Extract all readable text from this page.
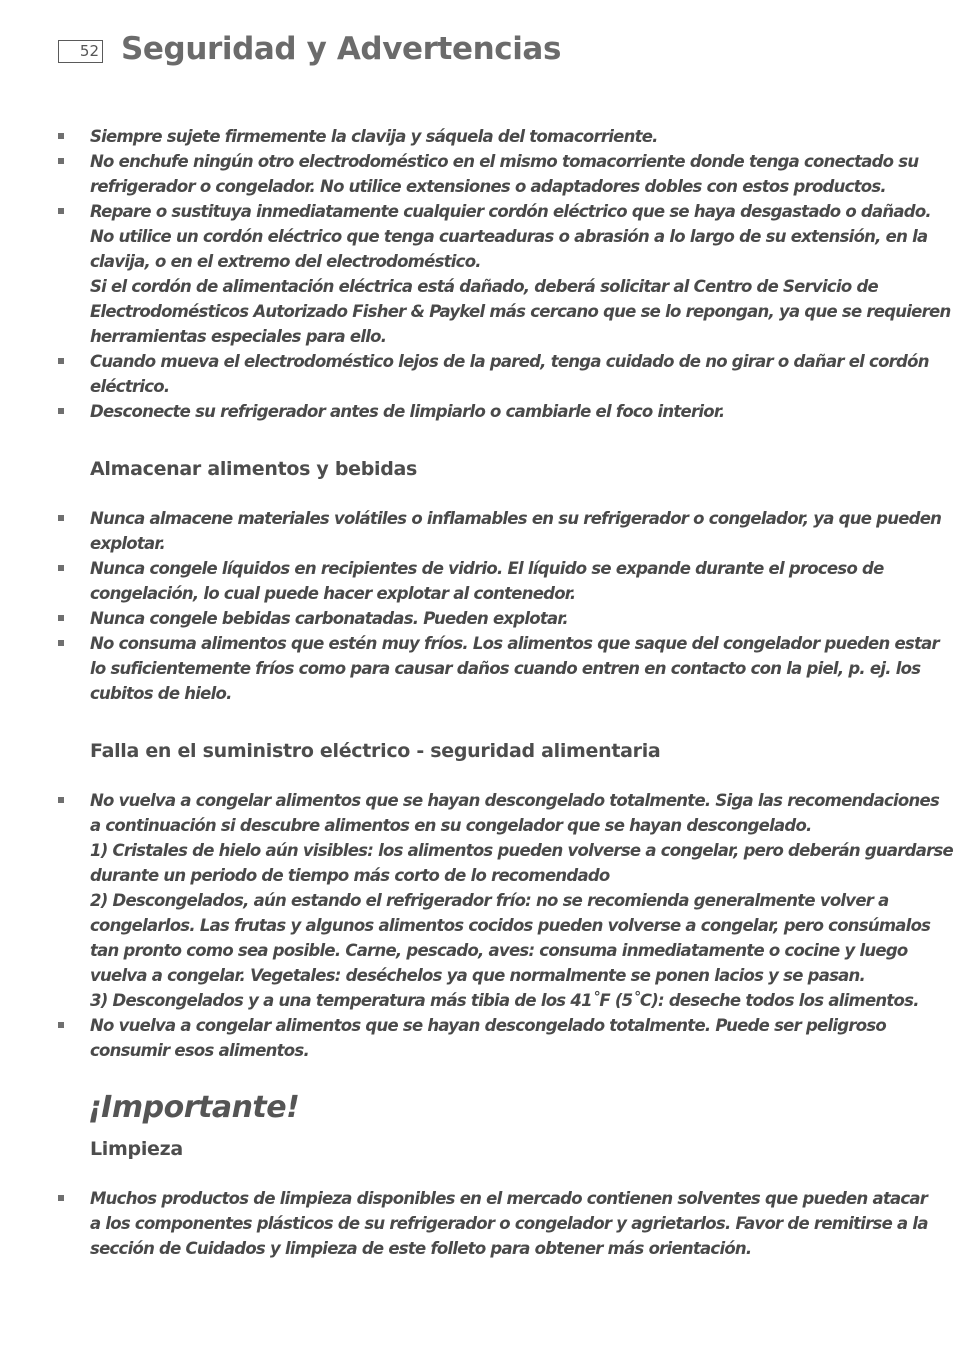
52 Seguridad y Advertencias
Siempre sujete firmemente la clavija y sáquela del tomacorriente.
No enchufe ningún otro electrodoméstico en el mismo tomacorriente donde tenga conectado su
refrigerador o congelador. No utilice extensiones o adaptadores dobles con estos productos.
Repare o sustituya inmediatamente cualquier cordón eléctrico que se haya desgastado o dañado.
No utilice un cordón eléctrico que tenga cuarteaduras o abrasión a lo largo de su extensión, en la
clavija, o en el extremo del electrodoméstico.
Si el cordón de alimentación eléctrica está dañado, deberá solicitar al Centro de Servicio de
Electrodomésticos Autorizado Fisher & Paykel más cercano que se lo repongan, ya que se requieren
herramientas especiales para ello.
Cuando mueva el electrodoméstico lejos de la pared, tenga cuidado de no girar o dañar el cordón
eléctrico.
Desconecte su refrigerador antes de limpiarlo o cambiarle el foco interior.
Almacenar alimentos y bebidas
Nunca almacene materiales volátiles o inflamables en su refrigerador o congelador, ya que pueden
explotar.
Nunca congele líquidos en recipientes de vidrio. El líquido se expande durante el proceso de
congelación, lo cual puede hacer explotar al contenedor.
Nunca congele bebidas carbonatadas. Pueden explotar.
No consuma alimentos que estén muy fríos. Los alimentos que saque del congelador pueden estar
lo suficientemente fríos como para causar daños cuando entren en contacto con la piel, p. ej. los
cubitos de hielo.
Falla en el suministro eléctrico - seguridad alimentaria
No vuelva a congelar alimentos que se hayan descongelado totalmente. Siga las recomendaciones
a continuación si descubre alimentos en su congelador que se hayan descongelado.
1) Cristales de hielo aún visibles: los alimentos pueden volverse a congelar, pero deberán guardarse
durante un periodo de tiempo más corto de lo recomendado
2) Descongelados, aún estando el refrigerador frío: no se recomienda generalmente volver a
congelarlos. Las frutas y algunos alimentos cocidos pueden volverse a congelar, pero consúmalos
tan pronto como sea posible. Carne, pescado, aves: consuma inmediatamente o cocine y luego
vuelva a congelar. Vegetales: deséchelos ya que normalmente se ponen lacios y se pasan.
3) Descongelados y a una temperatura más tibia de los 41˚F (5˚C): deseche todos los alimentos.
No vuelva a congelar alimentos que se hayan descongelado totalmente. Puede ser peligroso
consumir esos alimentos.
¡Importante!
Limpieza
Muchos productos de limpieza disponibles en el mercado contienen solventes que pueden atacar
a los componentes plásticos de su refrigerador o congelador y agrietarlos. Favor de remitirse a la
sección de Cuidados y limpieza de este folleto para obtener más orientación.
